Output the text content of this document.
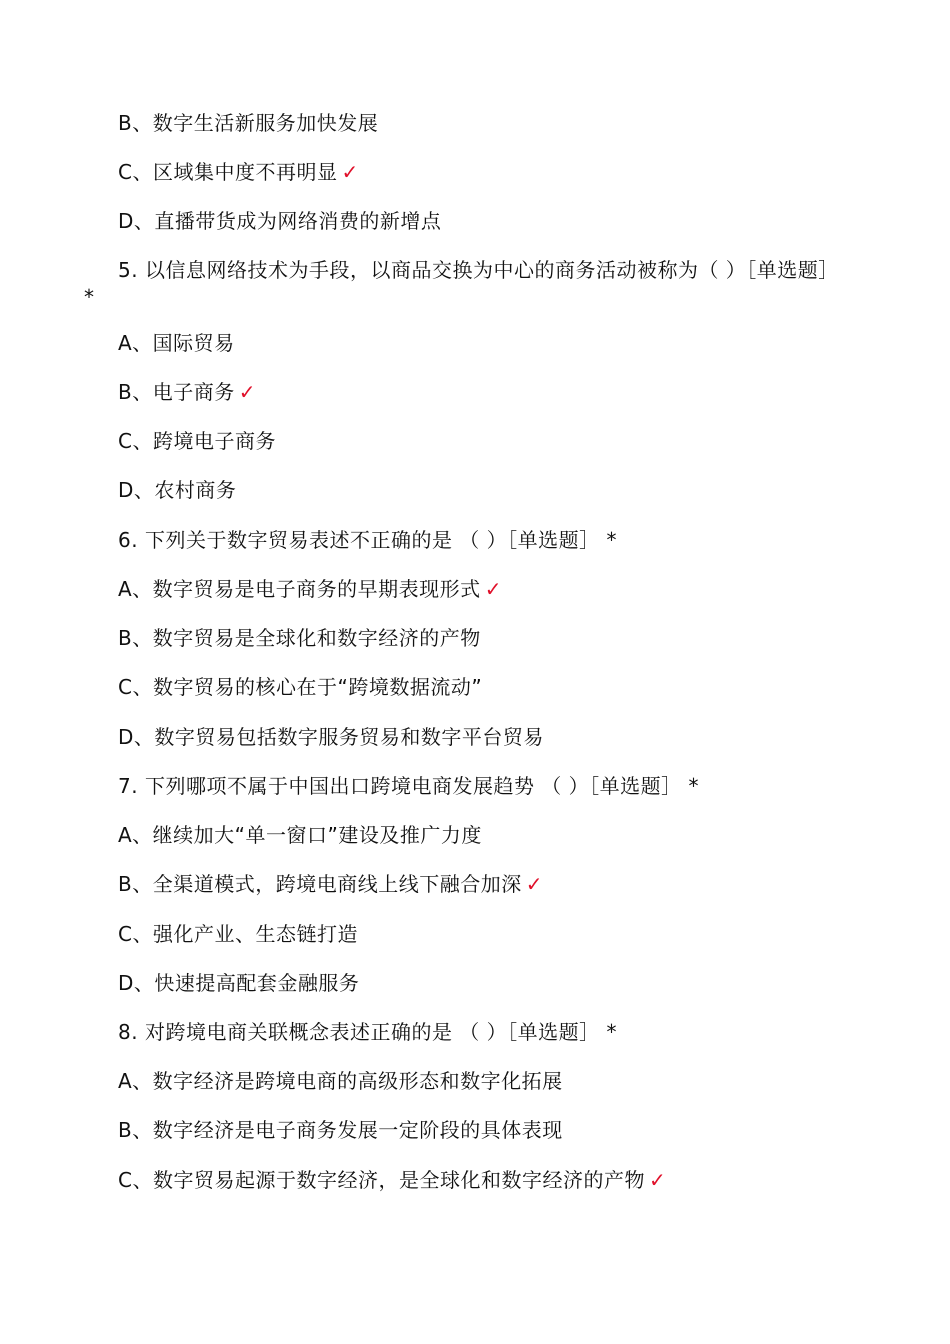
B、数字生活新服务加快发展
C、区域集中度不再明显 ✓
D、直播带货成为网络消费的新增点
5. 以信息网络技术为手段，以商品交换为中心的商务活动被称为（ ）［单选题］
*
A、国际贸易
B、电子商务 ✓
C、跨境电子商务
D、农村商务
6. 下列关于数字贸易表述不正确的是 （ ）［单选题］ *
A、数字贸易是电子商务的早期表现形式 ✓
B、数字贸易是全球化和数字经济的产物
C、数字贸易的核心在于“跨境数据流动”
D、数字贸易包括数字服务贸易和数字平台贸易
7. 下列哪项不属于中国出口跨境电商发展趋势 （ ）［单选题］ *
A、继续加大“单一窗口”建设及推广力度
B、全渠道模式，跨境电商线上线下融合加深 ✓
C、强化产业、生态链打造
D、快速提高配套金融服务
8. 对跨境电商关联概念表述正确的是 （ ）［单选题］ *
A、数字经济是跨境电商的高级形态和数字化拓展
B、数字经济是电子商务发展一定阶段的具体表现
C、数字贸易起源于数字经济，是全球化和数字经济的产物 ✓
